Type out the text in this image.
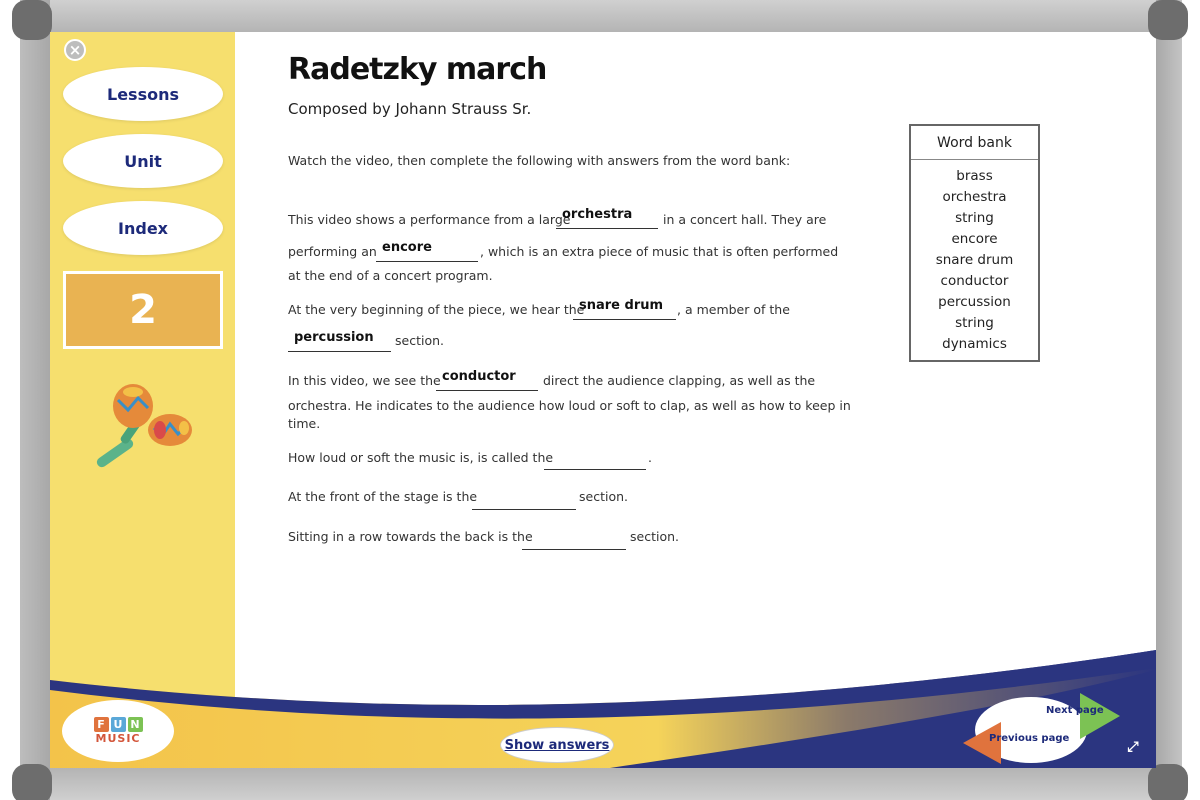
×
Lessons
Unit
Index
2
Radetzky march
Composed by Johann Strauss Sr.
Watch the video, then complete the following with answers from the word bank:
This video shows a performance from a large
orchestra	in a concert hall. They are
performing an encore	, which is an extra piece of music that is often performed
at the end of a concert program.
At the very beginning of the piece, we hear the
snare drum	, a member of the
percussion	section.
In this video, we see the conductor	direct the audience clapping, as well as the
orchestra. He indicates to the audience how loud or soft to clap, as well as how to keep in
time.
How loud or soft the music is, is called the	.
At the front of the stage is the	section.
Sitting in a row towards the back is the	section.
Word bank
brass
orchestra
string
encore
snare drum
conductor
percussion
string
dynamics
F U N
MUSIC	Show answers
Next page
Previous page
⤢
